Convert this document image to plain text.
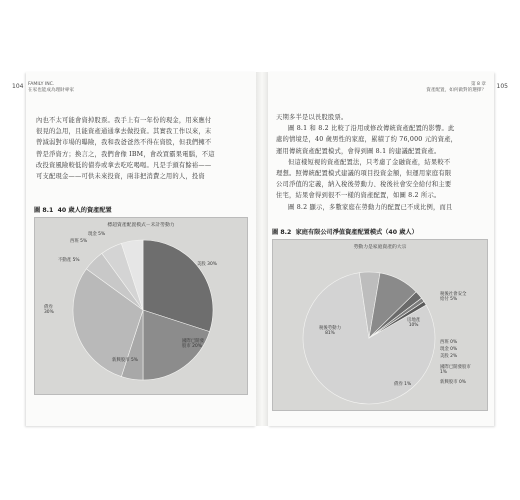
104 FAMILY INC.
在家也能成為理財專家
內也不太可能會資掉股票。我手上有一年份的現金，用來應付
很見的急用，且能資產通通拿去做投資。其實我工作以來，末
曾減弱對市場的曝險，我和我爸爸然不得在資股，但我們擁不
曾是淨資方；換言之，我們會像 IBM，會改買霸果電腦，不這
改投資風險較低的債券或拿去吃吃喝喝。凡是手頭有餘裕——
可支配現金——可供未來投資，兩非把消費之用的人，投資
圖 8.1 40 歲人的資產配置
標超資產配置模式－未計勞動力
第 8 章
資產配置，如何做對的選擇？ 105
天期多半是以長股股票。
圖 8.1 和 8.2 比較了沿用或修改傳統資產配置的影響。此
處的情境是，40 歲男性的家庭，累積了約 76,000 元的資產，
運用傳統資產配置模式，會得到圖 8.1 的建議配置資產。
但這樣短視的資產配置法，只考慮了金融資產，結果較不
理想。照傳統配置模式建議的項目投資金額，但運用家庭有限
公司淨值的定義，納入稅後勞動力、稅後社會安全給付和主要
住宅，結果會得到很不一樣的資產配置，如圖 8.2 所示。
圖 8.2 顯示，多數家庭在勞動力的配置已不成比例，而且
圖 8.2 家庭有限公司淨值資產配置模式（40 歲人）
勞動力是家庭資產的大宗
現金 5%
西班 5%
不動產 5%
債券
30%
美股 30%
國際已開發
股市 20%
新興股市 5%
稅後勞動力
81%
稅後社會安全
給付 5%
房地產
10%
西班 0%
現金 0%
美股 2%
國際已開發股市
1%
新興股市 0%
債券 1%
